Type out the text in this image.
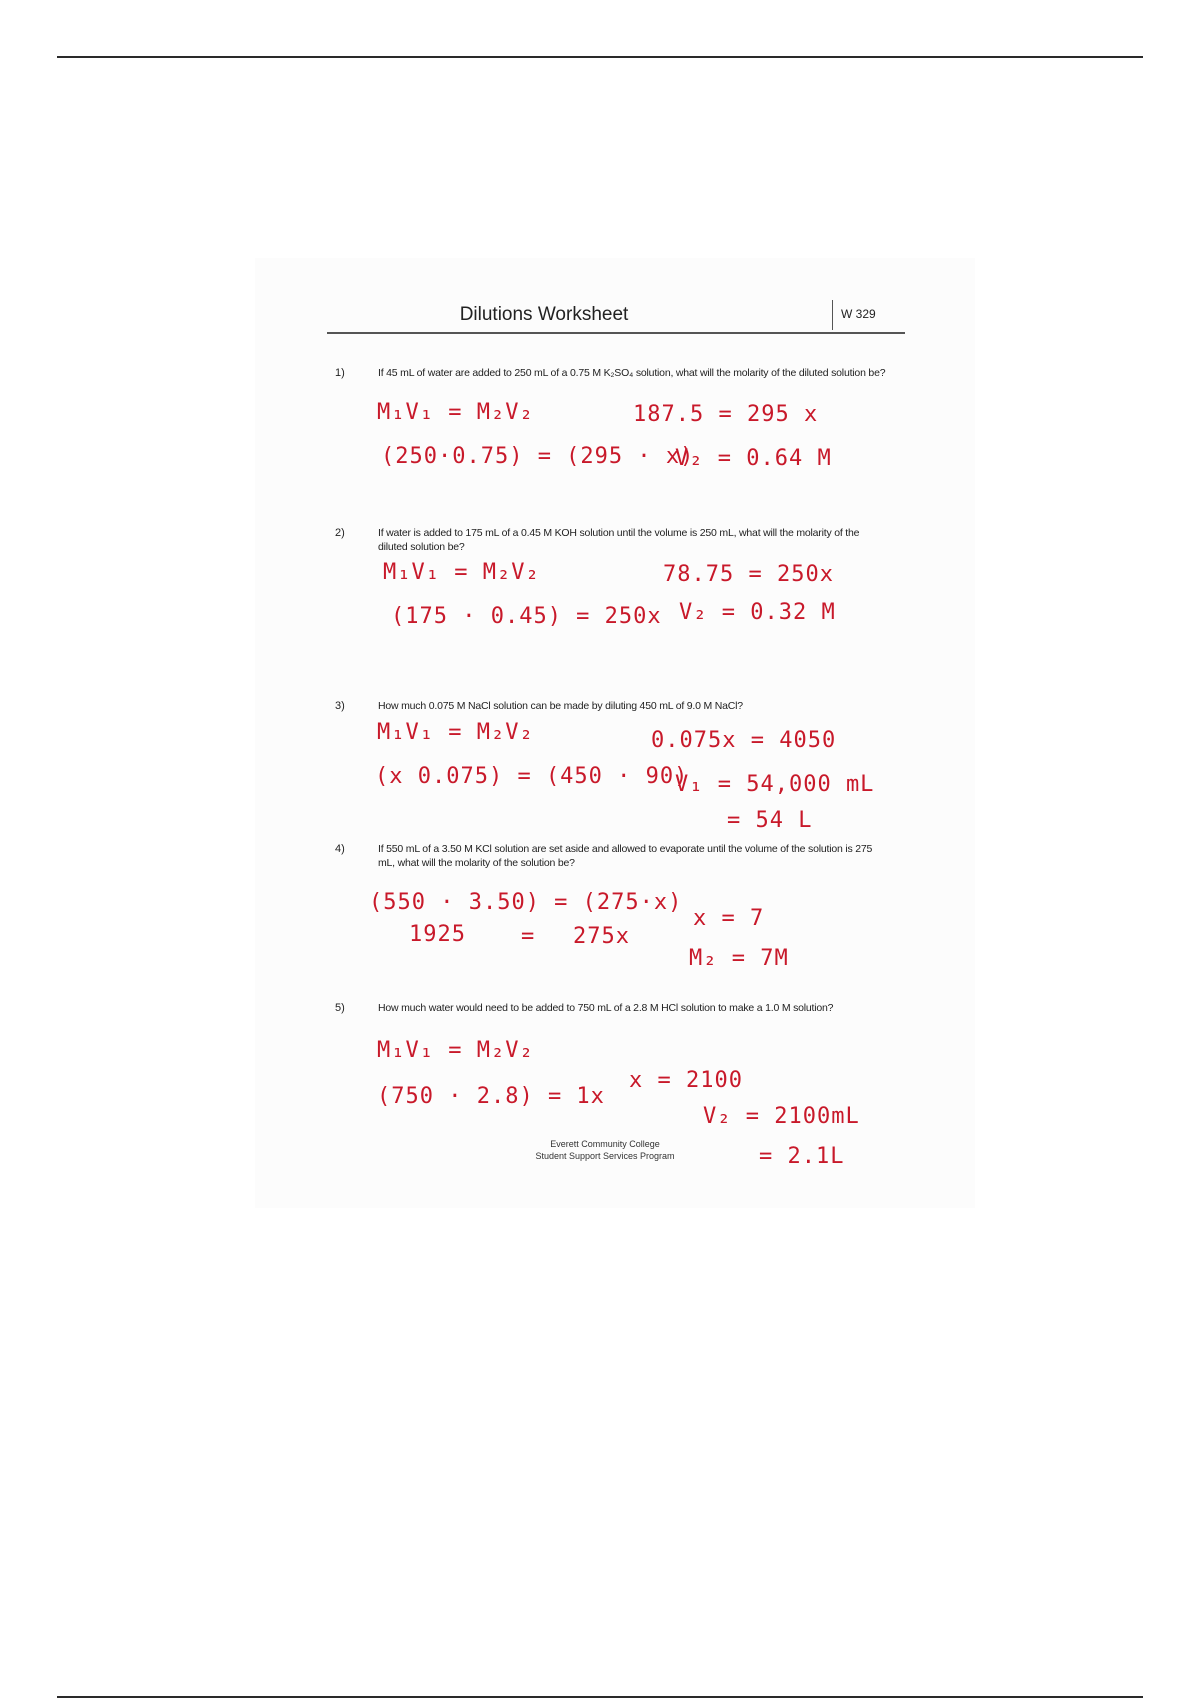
Dilutions Worksheet	W 329
1)	If 45 mL of water are added to 250 mL of a 0.75 M K₂SO₄ solution, what will the molarity of the diluted solution be?
M₁V₁ = M₂V₂	187.5 = 295 x
(250·0.75) = (295 · x)
V₂ = 0.64 M
2)	If water is added to 175 mL of a 0.45 M KOH solution until the volume is 250 mL, what will the molarity of the diluted solution be?
M₁V₁ = M₂V₂	78.75 = 250x
(175 · 0.45) = 250x V₂ = 0.32 M
3)	How much 0.075 M NaCl solution can be made by diluting 450 mL of 9.0 M NaCl?
M₁V₁ = M₂V₂	0.075x = 4050
(x 0.075) = (450 · 90)
V₁ = 54,000 mL
= 54 L
4)	If 550 mL of a 3.50 M KCl solution are set aside and allowed to evaporate until the volume of the solution is 275 mL, what will the molarity of the solution be?
(550 · 3.50) = (275·x)
1925	= 275x
x = 7
M₂ = 7M
5)	How much water would need to be added to 750 mL of a 2.8 M HCl solution to make a 1.0 M solution?
M₁V₁ = M₂V₂
(750 · 2.8) = 1x
x = 2100
V₂ = 2100mL
= 2.1L
Everett Community College
Student Support Services Program
